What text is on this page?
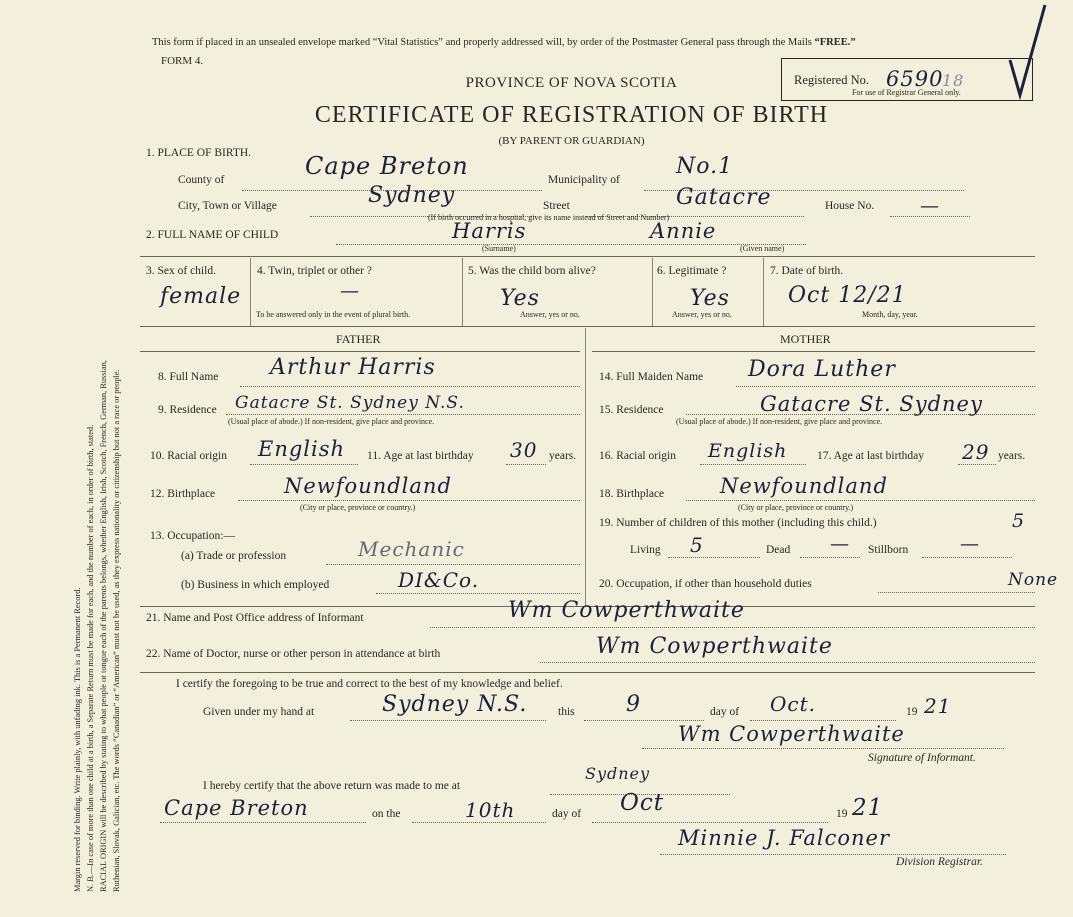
Margin reserved for binding. Write plainly, with unfading ink. This is a Permanent Record. N. B.—In case of more than one child at a birth, a Separate Return must be made for each, and the number of each, in order of birth, stated. RACIAL ORIGIN will be described by stating to what people or tongue each of the parents belongs, whether English, Irish, Scotch, French, German, Russian, Ruthenian, Slovak, Galician, etc. The words “Canadian” or “American” must not be used, as they express nationality or citizenship but not a race or people.
This form if placed in an unsealed envelope marked “Vital Statistics” and properly addressed will, by order of the Postmaster General pass through the Mails “FREE.”
FORM 4.
Registered No. 6590
18
For use of Registrar General only.
PROVINCE OF NOVA SCOTIA
CERTIFICATE OF REGISTRATION OF BIRTH
(BY PARENT OR GUARDIAN)
1. PLACE OF BIRTH.
County of	Cape Breton	Municipality of
No.1
City, Town or Village	Sydney	Street	Gatacre	House No. —
(If birth occurred in a hospital, give its name instead of Street and Number)
2. FULL NAME OF CHILD	Harris	Annie
(Surname)	(Given name)
3. Sex of child.
female
4. Twin, triplet or other ?
—
To be answered only in the event of plural birth.
5. Was the child born alive?
Yes
Answer, yes or no.
6. Legitimate ?
Yes
Answer, yes or no.
7. Date of birth.
Oct 12/21
Month, day, year.
FATHER	MOTHER
8. Full Name Arthur Harris
9. Residence Gatacre St. Sydney N.S.
(Usual place of abode.) If non-resident, give place and province.
10. Racial origin English 11. Age at last birthday 30 years.
12. Birthplace	Newfoundland
(City or place, province or country.)
13. Occupation:—
(a) Trade or profession	Mechanic
(b) Business in which employed	DI&Co.
14. Full Maiden Name Dora Luther
15. Residence	Gatacre St. Sydney
(Usual place of abode.) If non-resident, give place and province.
16. Racial origin English	17. Age at last birthday 29 years.
18. Birthplace	Newfoundland
(City or place, province or country.)
19. Number of children of this mother (including this child.)	5
Living 5	Dead — Stillborn	—
20. Occupation, if other than household duties	None
21. Name and Post Office address of Informant	Wm Cowperthwaite
22. Name of Doctor, nurse or other person in attendance at birth	Wm Cowperthwaite
I certify the foregoing to be true and correct to the best of my knowledge and belief.
Given under my hand at	Sydney N.S.	this 9	day of Oct.	19 21
Wm Cowperthwaite
Signature of Informant.
I hereby certify that the above return was made to me at
Sydney
Cape Breton	on the	10th	day of Oct	19 21
Minnie J. Falconer
Division Registrar.
